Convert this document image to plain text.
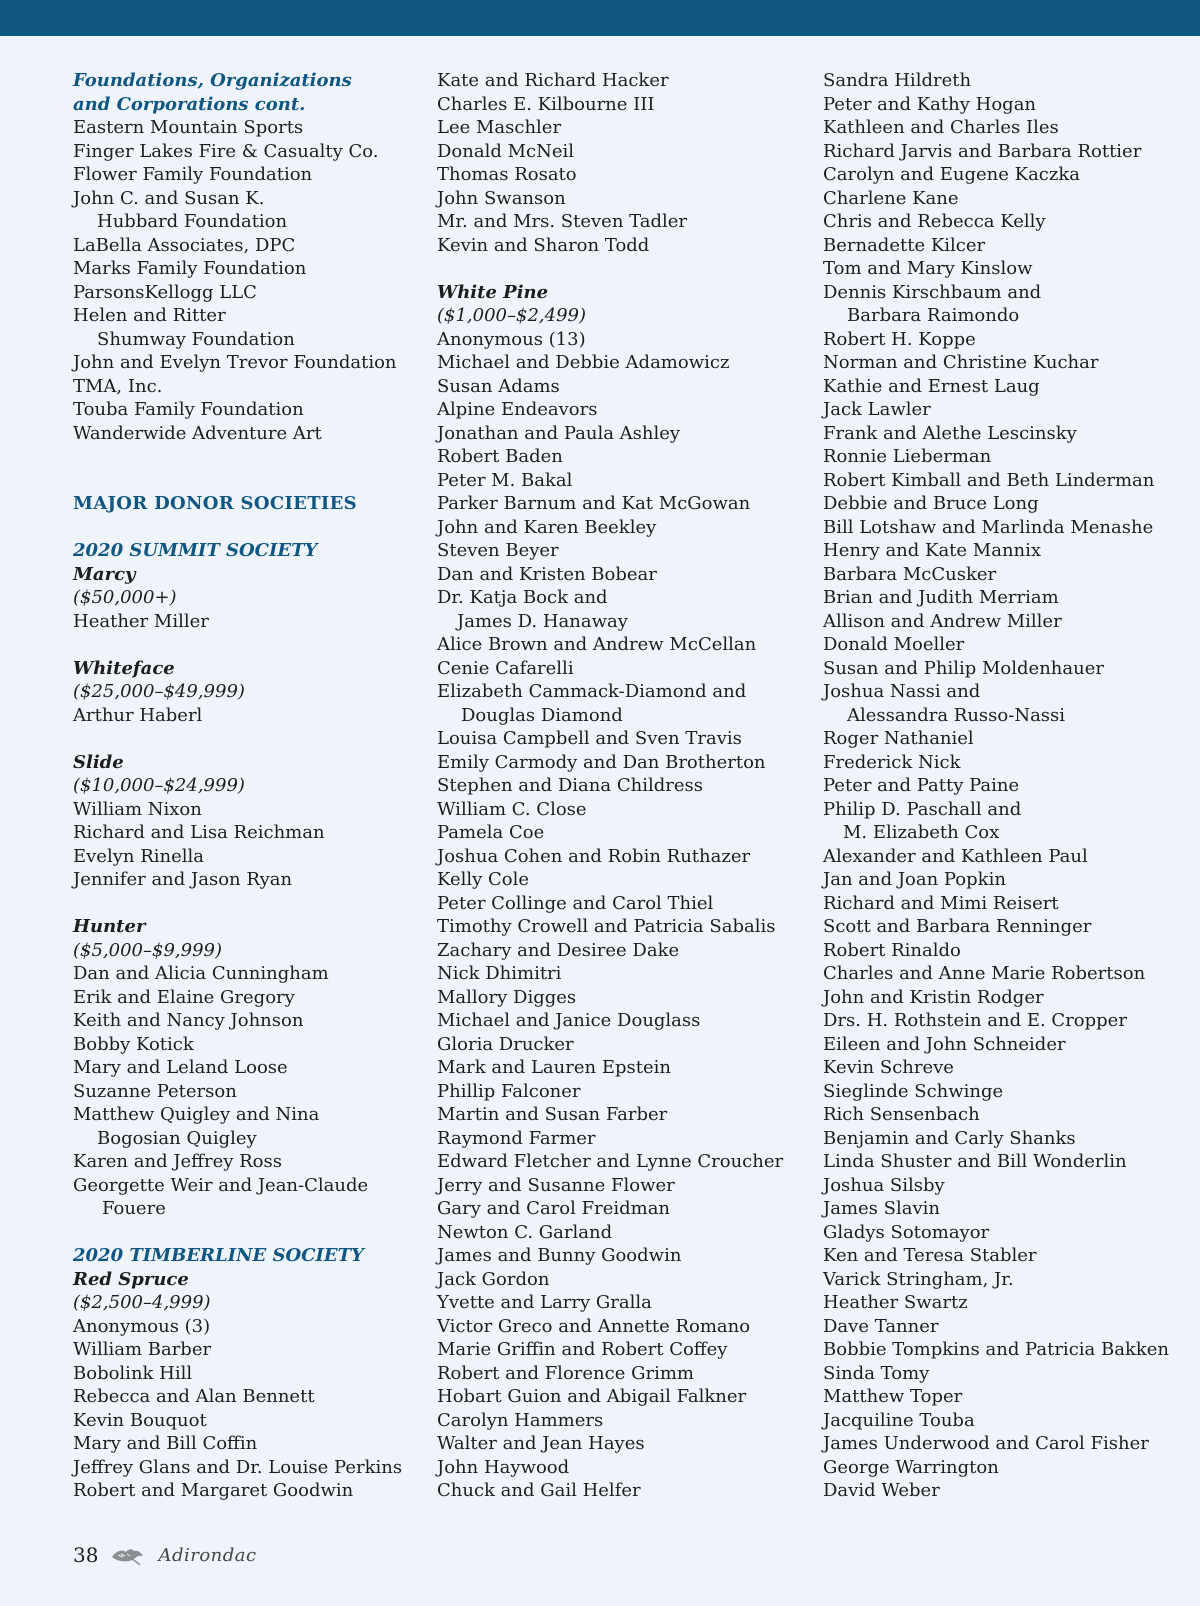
Foundations, Organizations
and Corporations cont.
Eastern Mountain Sports
Finger Lakes Fire & Casualty Co.
Flower Family Foundation
John C. and Susan K.
Hubbard Foundation
LaBella Associates, DPC
Marks Family Foundation
ParsonsKellogg LLC
Helen and Ritter
Shumway Foundation
John and Evelyn Trevor Foundation
TMA, Inc.
Touba Family Foundation
Wanderwide Adventure Art
MAJOR DONOR SOCIETIES
2020 SUMMIT SOCIETY
Marcy
($50,000+)
Heather Miller
Whiteface
($25,000–$49,999)
Arthur Haberl
Slide
($10,000–$24,999)
William Nixon
Richard and Lisa Reichman
Evelyn Rinella
Jennifer and Jason Ryan
Hunter
($5,000–$9,999)
Dan and Alicia Cunningham
Erik and Elaine Gregory
Keith and Nancy Johnson
Bobby Kotick
Mary and Leland Loose
Suzanne Peterson
Matthew Quigley and Nina
Bogosian Quigley
Karen and Jeffrey Ross
Georgette Weir and Jean-Claude
Fouere
2020 TIMBERLINE SOCIETY
Red Spruce
($2,500–4,999)
Anonymous (3)
William Barber
Bobolink Hill
Rebecca and Alan Bennett
Kevin Bouquot
Mary and Bill Coffin
Jeffrey Glans and Dr. Louise Perkins
Robert and Margaret Goodwin
Kate and Richard Hacker
Charles E. Kilbourne III
Lee Maschler
Donald McNeil
Thomas Rosato
John Swanson
Mr. and Mrs. Steven Tadler
Kevin and Sharon Todd
White Pine
($1,000–$2,499)
Anonymous (13)
Michael and Debbie Adamowicz
Susan Adams
Alpine Endeavors
Jonathan and Paula Ashley
Robert Baden
Peter M. Bakal
Parker Barnum and Kat McGowan
John and Karen Beekley
Steven Beyer
Dan and Kristen Bobear
Dr. Katja Bock and
James D. Hanaway
Alice Brown and Andrew McCellan
Cenie Cafarelli
Elizabeth Cammack-Diamond and
Douglas Diamond
Louisa Campbell and Sven Travis
Emily Carmody and Dan Brotherton
Stephen and Diana Childress
William C. Close
Pamela Coe
Joshua Cohen and Robin Ruthazer
Kelly Cole
Peter Collinge and Carol Thiel
Timothy Crowell and Patricia Sabalis
Zachary and Desiree Dake
Nick Dhimitri
Mallory Digges
Michael and Janice Douglass
Gloria Drucker
Mark and Lauren Epstein
Phillip Falconer
Martin and Susan Farber
Raymond Farmer
Edward Fletcher and Lynne Croucher
Jerry and Susanne Flower
Gary and Carol Freidman
Newton C. Garland
James and Bunny Goodwin
Jack Gordon
Yvette and Larry Gralla
Victor Greco and Annette Romano
Marie Griffin and Robert Coffey
Robert and Florence Grimm
Hobart Guion and Abigail Falkner
Carolyn Hammers
Walter and Jean Hayes
John Haywood
Chuck and Gail Helfer
Sandra Hildreth
Peter and Kathy Hogan
Kathleen and Charles Iles
Richard Jarvis and Barbara Rottier
Carolyn and Eugene Kaczka
Charlene Kane
Chris and Rebecca Kelly
Bernadette Kilcer
Tom and Mary Kinslow
Dennis Kirschbaum and
Barbara Raimondo
Robert H. Koppe
Norman and Christine Kuchar
Kathie and Ernest Laug
Jack Lawler
Frank and Alethe Lescinsky
Ronnie Lieberman
Robert Kimball and Beth Linderman
Debbie and Bruce Long
Bill Lotshaw and Marlinda Menashe
Henry and Kate Mannix
Barbara McCusker
Brian and Judith Merriam
Allison and Andrew Miller
Donald Moeller
Susan and Philip Moldenhauer
Joshua Nassi and
Alessandra Russo-Nassi
Roger Nathaniel
Frederick Nick
Peter and Patty Paine
Philip D. Paschall and
M. Elizabeth Cox
Alexander and Kathleen Paul
Jan and Joan Popkin
Richard and Mimi Reisert
Scott and Barbara Renninger
Robert Rinaldo
Charles and Anne Marie Robertson
John and Kristin Rodger
Drs. H. Rothstein and E. Cropper
Eileen and John Schneider
Kevin Schreve
Sieglinde Schwinge
Rich Sensenbach
Benjamin and Carly Shanks
Linda Shuster and Bill Wonderlin
Joshua Silsby
James Slavin
Gladys Sotomayor
Ken and Teresa Stabler
Varick Stringham, Jr.
Heather Swartz
Dave Tanner
Bobbie Tompkins and Patricia Bakken
Sinda Tomy
Matthew Toper
Jacquiline Touba
James Underwood and Carol Fisher
George Warrington
David Weber
38	Adirondac
